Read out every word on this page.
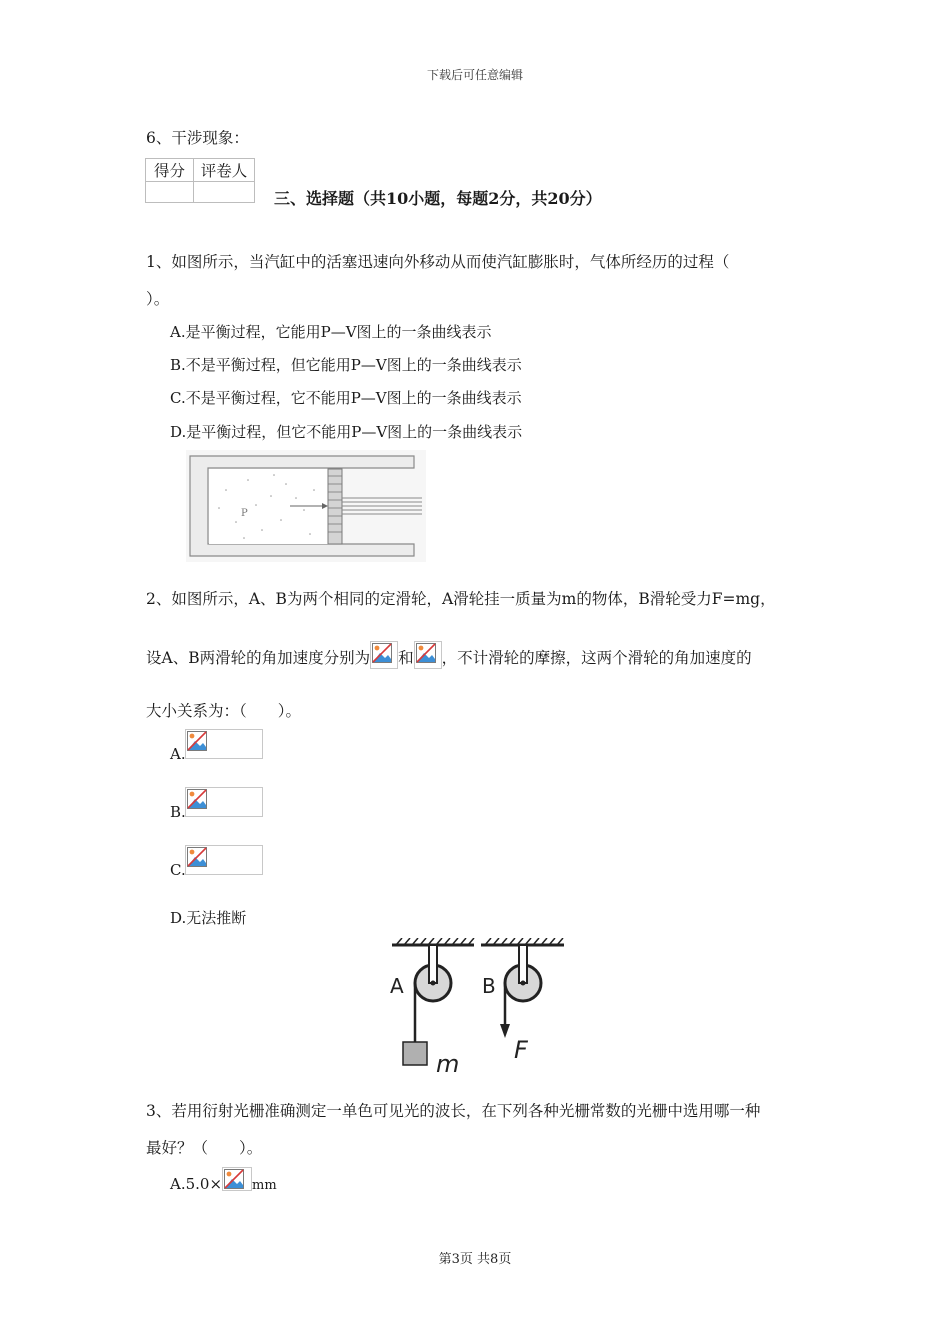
下载后可任意编辑
6、干涉现象：
得分	评卷人

三、选择题（共10小题，每题2分，共20分）
1、如图所示，当汽缸中的活塞迅速向外移动从而使汽缸膨胀时，气体所经历的过程（
）。
A.是平衡过程，它能用P—V图上的一条曲线表示
B.不是平衡过程，但它能用P—V图上的一条曲线表示
C.不是平衡过程，它不能用P—V图上的一条曲线表示
D.是平衡过程，但它不能用P—V图上的一条曲线表示
P
2、如图所示，A、B为两个相同的定滑轮，A滑轮挂一质量为m的物体，B滑轮受力F=mg，
设A、B两滑轮的角加速度分别为 和 ，不计滑轮的摩擦，这两个滑轮的角加速度的
大小关系为：（　　）。
A.
B.
C.
D.无法推断
A
m
B
F
3、若用衍射光栅准确测定一单色可见光的波长，在下列各种光栅常数的光栅中选用哪一种
最好？（　　）。
A.5.0× mm
第3页 共8页
